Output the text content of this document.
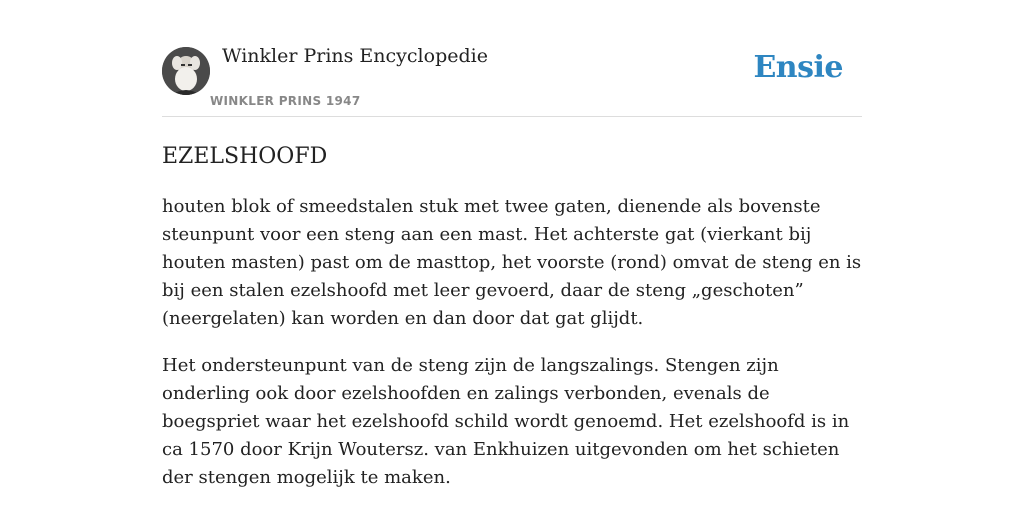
Winkler Prins Encyclopedie
WINKLER PRINS 1947
Ensie
EZELSHOOFD

houten blok of smeedstalen stuk met twee gaten, dienende als bovenste steunpunt voor een steng aan een mast. Het achterste gat (vierkant bij houten masten) past om de masttop, het voorste (rond) omvat de steng en is bij een stalen ezelshoofd met leer gevoerd, daar de steng „geschoten” (neergelaten) kan worden en dan door dat gat glijdt.

Het ondersteunpunt van de steng zijn de langszalings. Stengen zijn onderling ook door ezelshoofden en zalings verbonden, evenals de boegspriet waar het ezelshoofd schild wordt genoemd. Het ezelshoofd is in ca 1570 door Krijn Woutersz. van Enkhuizen uitgevonden om het schieten der stengen mogelijk te maken.
